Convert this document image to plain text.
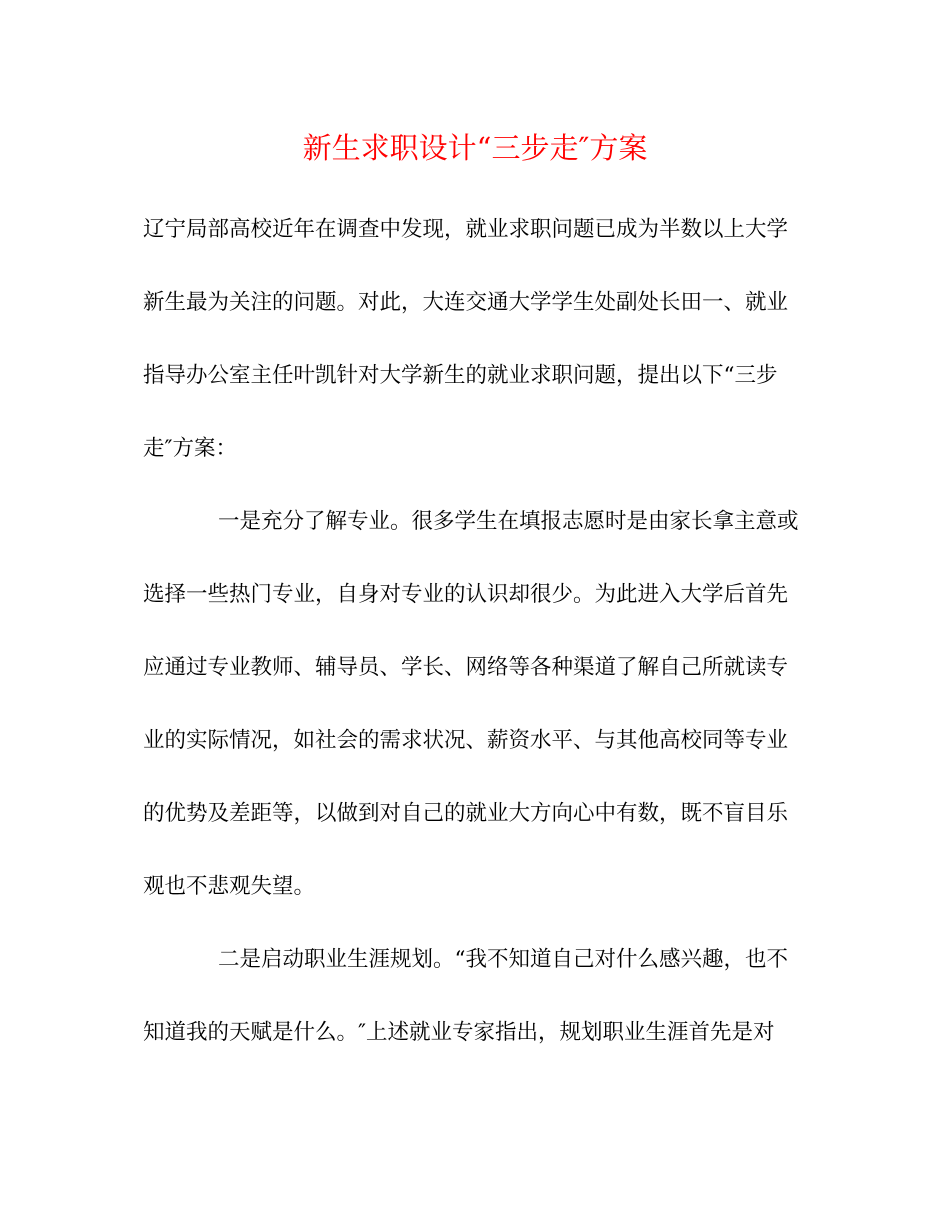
新生求职设计“三步走″方案
辽宁局部高校近年在调查中发现，就业求职问题已成为半数以上大学
新生最为关注的问题。对此，大连交通大学学生处副处长田一、就业
指导办公室主任叶凯针对大学新生的就业求职问题，提出以下“三步
走″方案：
一是充分了解专业。很多学生在填报志愿时是由家长拿主意或
选择一些热门专业，自身对专业的认识却很少。为此进入大学后首先
应通过专业教师、辅导员、学长、网络等各种渠道了解自己所就读专
业的实际情况，如社会的需求状况、薪资水平、与其他高校同等专业
的优势及差距等，以做到对自己的就业大方向心中有数，既不盲目乐
观也不悲观失望。
二是启动职业生涯规划。“我不知道自己对什么感兴趣，也不
知道我的天赋是什么。″上述就业专家指出，规划职业生涯首先是对
